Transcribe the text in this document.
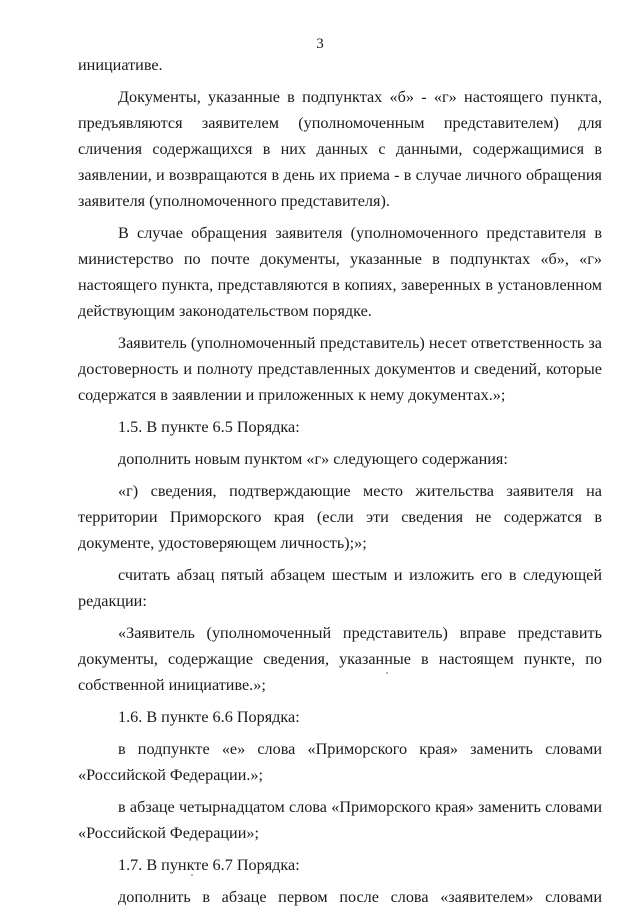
3

инициативе.

Документы, указанные в подпунктах «б» - «г» настоящего пункта, предъявляются заявителем (уполномоченным представителем) для сличения содержащихся в них данных с данными, содержащимися в заявлении, и возвращаются в день их приема - в случае личного обращения заявителя (уполномоченного представителя).

В случае обращения заявителя (уполномоченного представителя в министерство по почте документы, указанные в подпунктах «б», «г» настоящего пункта, представляются в копиях, заверенных в установленном действующим законодательством порядке.

Заявитель (уполномоченный представитель) несет ответственность за достоверность и полноту представленных документов и сведений, которые содержатся в заявлении и приложенных к нему документах.»;

1.5. В пункте 6.5 Порядка:

дополнить новым пунктом «г» следующего содержания:

«г) сведения, подтверждающие место жительства заявителя на территории Приморского края (если эти сведения не содержатся в документе, удостоверяющем личность);»;

считать абзац пятый абзацем шестым и изложить его в следующей редакции:

«Заявитель (уполномоченный представитель) вправе представить документы, содержащие сведения, указанные в настоящем пункте, по собственной инициативе.»;

1.6. В пункте 6.6 Порядка:

в подпункте «е» слова «Приморского края» заменить словами «Российской Федерации.»;

в абзаце четырнадцатом слова «Приморского края» заменить словами «Российской Федерации»;

1.7. В пункте 6.7 Порядка:

дополнить в абзаце первом после слова «заявителем» словами
